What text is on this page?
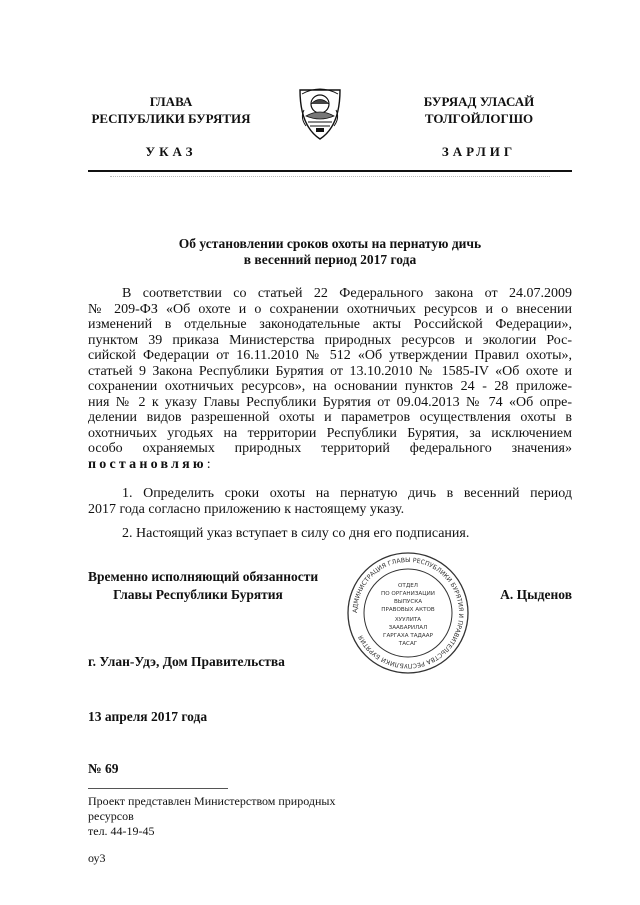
ГЛАВА
РЕСПУБЛИКИ БУРЯТИЯ
УКАЗ
БУРЯАД УЛАСАЙ
ТОЛГОЙЛОГШО
ЗАРЛИГ
Об установлении сроков охоты на пернатую дичь
в весенний период 2017 года
В соответствии со статьей 22 Федерального закона от 24.07.2009
№ 209-ФЗ «Об охоте и о сохранении охотничьих ресурсов и о внесении
изменений в отдельные законодательные акты Российской Федерации»,
пунктом 39 приказа Министерства природных ресурсов и экологии Рос-
сийской Федерации от 16.11.2010 № 512 «Об утверждении Правил охоты»,
статьей 9 Закона Республики Бурятия от 13.10.2010 № 1585-IV «Об охоте и
сохранении охотничьих ресурсов», на основании пунктов 24 - 28 приложе-
ния № 2 к указу Главы Республики Бурятия от 09.04.2013 № 74 «Об опре-
делении видов разрешенной охоты и параметров осуществления охоты в
охотничьих угодьях на территории Республики Бурятия, за исключением
особо охраняемых природных территорий федерального значения»
постановляю:
1. Определить сроки охоты на пернатую дичь в весенний период
2017 года согласно приложению к настоящему указу.
2. Настоящий указ вступает в силу со дня его подписания.
Временно исполняющий обязанности
Главы Республики Бурятия	А. Цыденов
АДМИНИСТРАЦИЯ ГЛАВЫ РЕСПУБЛИКИ БУРЯТИЯ И ПРАВИТЕЛЬСТВА РЕСПУБЛИКИ БУРЯТИЯ
ОТДЕЛ
ПО ОРГАНИЗАЦИИ
ВЫПУСКА
ПРАВОВЫХ АКТОВ
ХУУЛИТА
ЗААБАРИЛАЛ
ГАРГАХА ТАДААР
ТАСАГ
г. Улан-Удэ, Дом Правительства
13 апреля 2017 года
№ 69
Проект представлен Министерством природных
ресурсов
тел. 44-19-45
оу3
